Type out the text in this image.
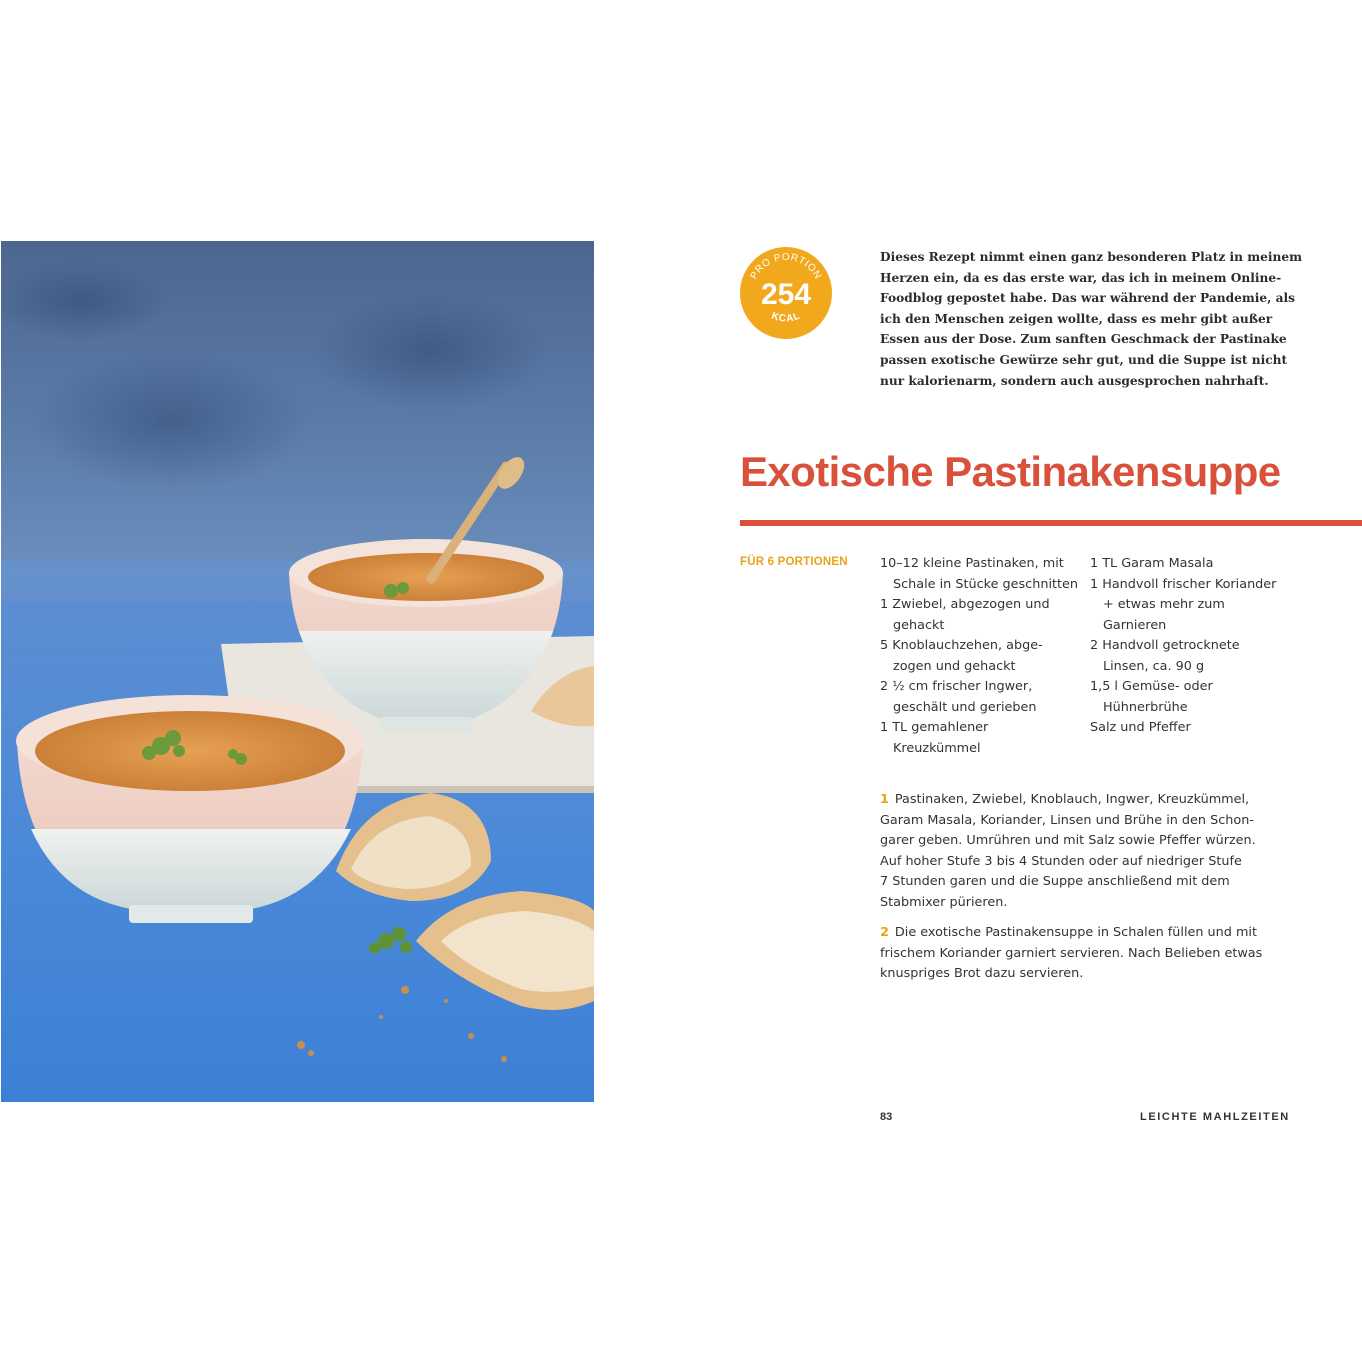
PRO PORTION
254
KCAL
Dieses Rezept nimmt einen ganz besonderen Platz in meinem
Herzen ein, da es das erste war, das ich in meinem Online-
Foodblog gepostet habe. Das war während der Pandemie, als
ich den Menschen zeigen wollte, dass es mehr gibt außer
Essen aus der Dose. Zum sanften Geschmack der Pastinake
passen exotische Gewürze sehr gut, und die Suppe ist nicht
nur kalorienarm, sondern auch ausgesprochen nahrhaft.
Exotische Pastinakensuppe
FÜR 6 PORTIONEN	10–12 kleine Pastinaken, mit
Schale in Stücke geschnitten
1 Zwiebel, abgezogen und
gehackt
5 Knoblauchzehen, abge-
zogen und gehackt
2 ½ cm frischer Ingwer,
geschält und gerieben
1 TL gemahlener
Kreuzkümmel
1 TL Garam Masala
1 Handvoll frischer Koriander
+ etwas mehr zum
Garnieren
2 Handvoll getrocknete
Linsen, ca. 90 g
1,5 l Gemüse- oder
Hühnerbrühe
Salz und Pfeffer
1 Pastinaken, Zwiebel, Knoblauch, Ingwer, Kreuzkümmel,
Garam Masala, Koriander, Linsen und Brühe in den Schon-
garer geben. Umrühren und mit Salz sowie Pfeffer würzen.
Auf hoher Stufe 3 bis 4 Stunden oder auf niedriger Stufe
7 Stunden garen und die Suppe anschließend mit dem
Stabmixer pürieren.
2 Die exotische Pastinakensuppe in Schalen füllen und mit
frischem Koriander garniert servieren. Nach Belieben etwas
knuspriges Brot dazu servieren.
83	LEICHTE MAHLZEITEN
